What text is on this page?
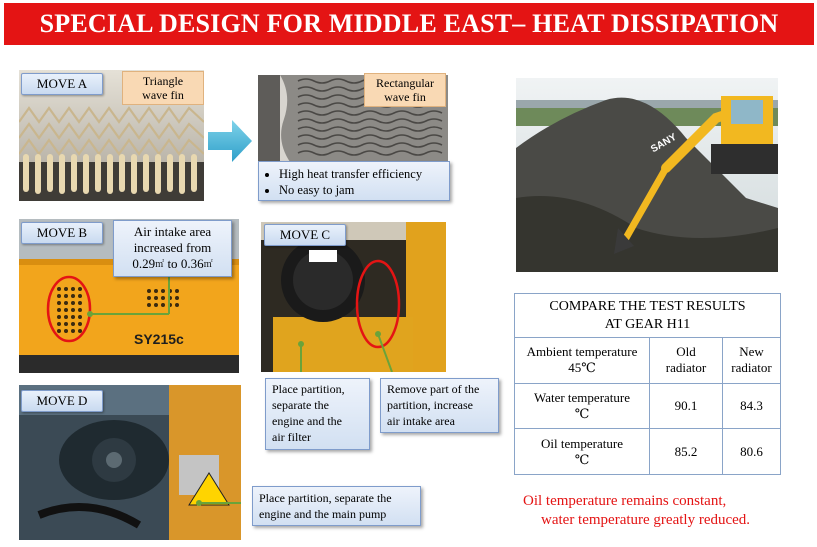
SPECIAL DESIGN FOR MIDDLE EAST– HEAT DISSIPATION
MOVE A	Triangle
wave fin
Rectangular
wave fin
• High heat transfer efficiency
• No easy to jam
SY215c
MOVE B	Air intake area
increased from
0.29㎡ to 0.36㎡
MOVE C
Place partition,
separate the
engine and the
air filter
Remove part of the
partition, increase
air intake area
MOVE D
Place partition, separate the
engine and the main pump
SANY
COMPARE THE TEST RESULTS
AT GEAR H11
Ambient temperature
45℃	Old radiator	New radiator

Water temperature
℃	90.1	84.3

Oil temperature
℃	85.2	80.6
Oil temperature remains constant,
water temperature greatly reduced.
